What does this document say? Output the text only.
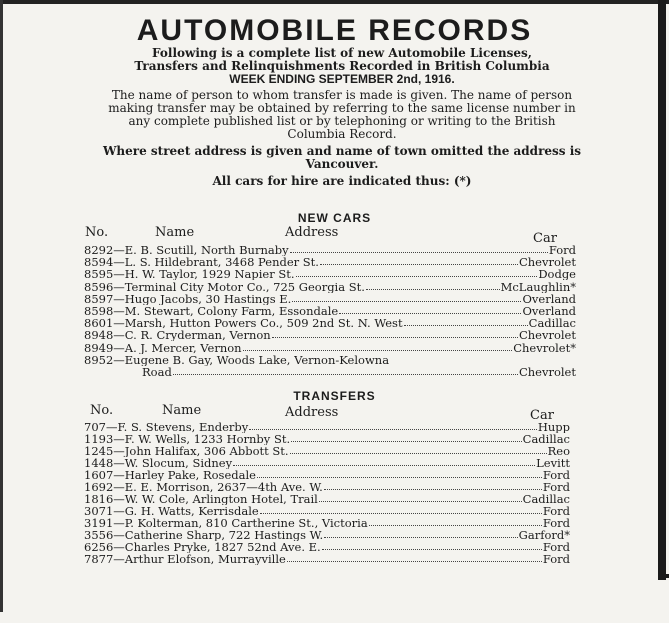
AUTOMOBILE RECORDS

Following is a complete list of new Automobile Licenses,

Transfers and Relinquishments Recorded in British Columbia

WEEK ENDING SEPTEMBER 2nd, 1916.

The name of person to whom transfer is made is given. The name of person making transfer may be obtained by referring to the same license number in any complete published list or by telephoning or writing to the British Columbia Record.

Where street address is given and name of town omitted the address is Vancouver.

All cars for hire are indicated thus: (*)

NEW CARS
No.	Name	Address	Car
8292 — E. B. Scutill, North Burnaby	Ford
8594 — L. S. Hildebrant, 3468 Pender St.	Chevrolet
8595 — H. W. Taylor, 1929 Napier St.	Dodge
8596 — Terminal City Motor Co., 725 Georgia St.	McLaughlin*
8597 — Hugo Jacobs, 30 Hastings E.	Overland
8598 — M. Stewart, Colony Farm, Essondale	Overland
8601 — Marsh, Hutton Powers Co., 509 2nd St. N. West	Cadillac
8948 — C. R. Cryderman, Vernon	Chevrolet
8949 — A. J. Mercer, Vernon	Chevrolet*
8952 — Eugene B. Gay, Woods Lake, Vernon-Kelowna
Road	Chevrolet
TRANSFERS
No.	Name	Address	Car
707 — F. S. Stevens, Enderby	Hupp
1193 — F. W. Wells, 1233 Hornby St.	Cadillac
1245 — John Halifax, 306 Abbott St.	Reo
1448 — W. Slocum, Sidney	Levitt
1607 — Harley Pake, Rosedale	Ford
1692 — E. E. Morrison, 2637—4th Ave. W.	Ford
1816 — W. W. Cole, Arlington Hotel, Trail	Cadillac
3071 — G. H. Watts, Kerrisdale	Ford
3191 — P. Kolterman, 810 Cartherine St., Victoria	Ford
3556 — Catherine Sharp, 722 Hastings W.	Garford*
6256 — Charles Pryke, 1827 52nd Ave. E.	Ford
7877 — Arthur Elofson, Murrayville	Ford
